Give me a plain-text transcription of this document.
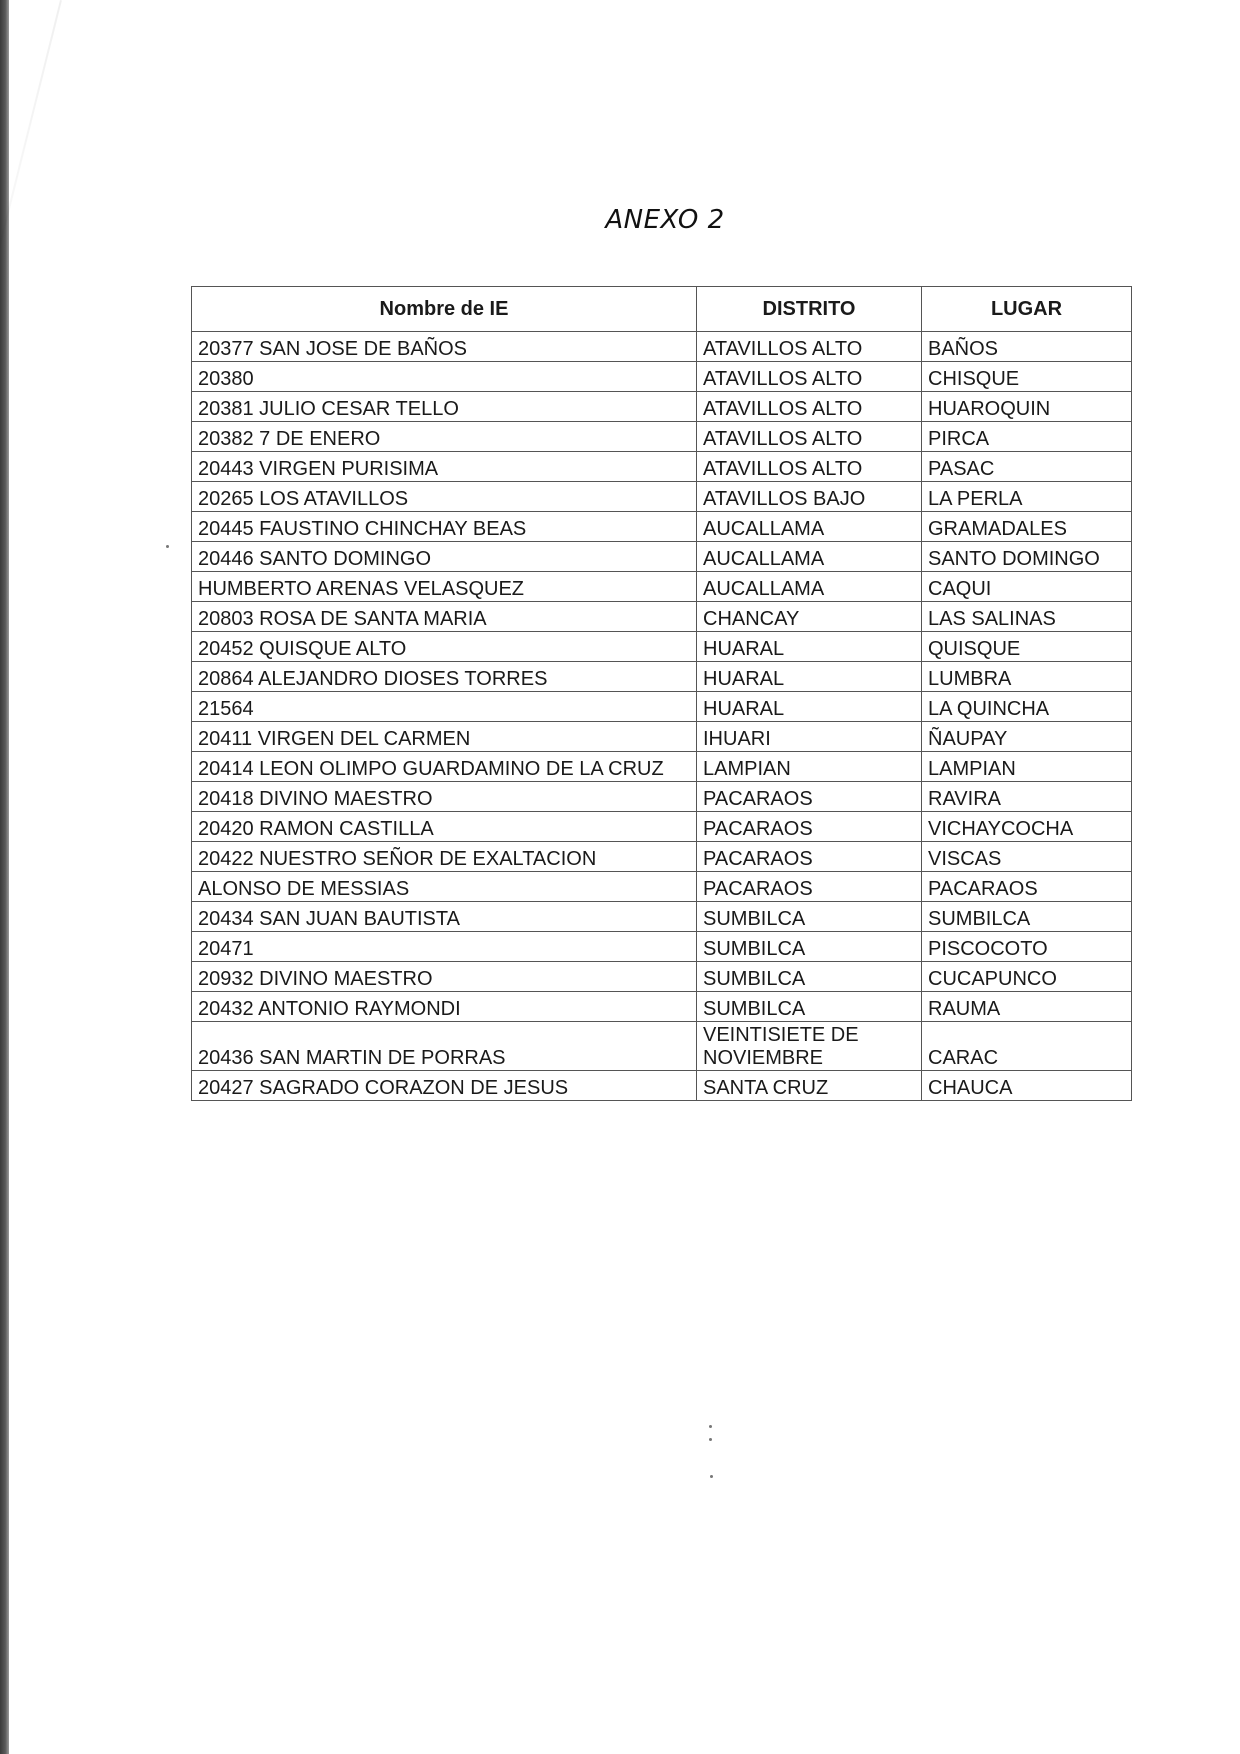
ANEXO 2
Nombre de IE	DISTRITO	LUGAR
20377 SAN JOSE DE BAÑOS	ATAVILLOS ALTO	BAÑOS
20380	ATAVILLOS ALTO	CHISQUE
20381 JULIO CESAR TELLO	ATAVILLOS ALTO	HUAROQUIN
20382 7 DE ENERO	ATAVILLOS ALTO	PIRCA
20443 VIRGEN PURISIMA	ATAVILLOS ALTO	PASAC
20265 LOS ATAVILLOS	ATAVILLOS BAJO	LA PERLA
20445 FAUSTINO CHINCHAY BEAS	AUCALLAMA	GRAMADALES
20446 SANTO DOMINGO	AUCALLAMA	SANTO DOMINGO
HUMBERTO ARENAS VELASQUEZ	AUCALLAMA	CAQUI
20803 ROSA DE SANTA MARIA	CHANCAY	LAS SALINAS
20452 QUISQUE ALTO	HUARAL	QUISQUE
20864 ALEJANDRO DIOSES TORRES	HUARAL	LUMBRA
21564	HUARAL	LA QUINCHA
20411 VIRGEN DEL CARMEN	IHUARI	ÑAUPAY
20414 LEON OLIMPO GUARDAMINO DE LA CRUZ	LAMPIAN	LAMPIAN
20418 DIVINO MAESTRO	PACARAOS	RAVIRA
20420 RAMON CASTILLA	PACARAOS	VICHAYCOCHA
20422 NUESTRO SEÑOR DE EXALTACION	PACARAOS	VISCAS
ALONSO DE MESSIAS	PACARAOS	PACARAOS
20434 SAN JUAN BAUTISTA	SUMBILCA	SUMBILCA
20471	SUMBILCA	PISCOCOTO
20932 DIVINO MAESTRO	SUMBILCA	CUCAPUNCO
20432 ANTONIO RAYMONDI	SUMBILCA	RAUMA
20436 SAN MARTIN DE PORRAS	VEINTISIETE DE NOVIEMBRE	CARAC
20427 SAGRADO CORAZON DE JESUS	SANTA CRUZ	CHAUCA
